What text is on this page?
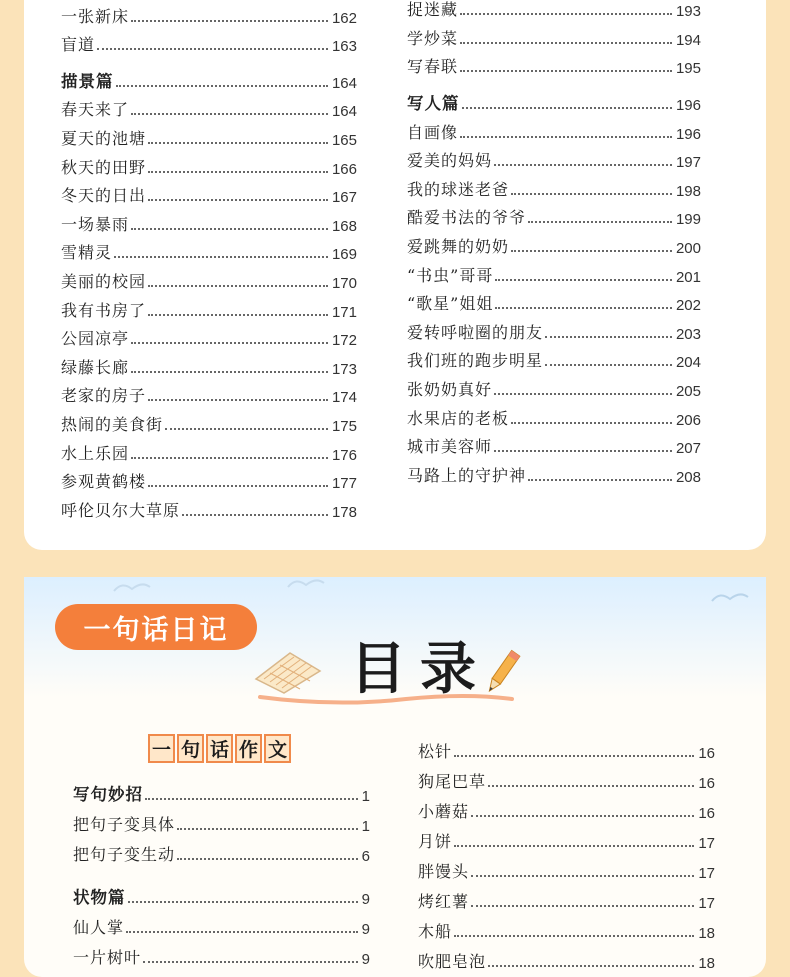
一张新床	162
盲道	163
描景篇	164
春天来了	164
夏天的池塘	165
秋天的田野	166
冬天的日出	167
一场暴雨	168
雪精灵	169
美丽的校园	170
我有书房了	171
公园凉亭	172
绿藤长廊	173
老家的房子	174
热闹的美食街	175
水上乐园	176
参观黄鹤楼	177
呼伦贝尔大草原	178
捉迷藏	193
学炒菜	194
写春联	195
写人篇	196
自画像	196
爱美的妈妈	197
我的球迷老爸	198
酷爱书法的爷爷	199
爱跳舞的奶奶	200
“书虫”哥哥	201
“歌星”姐姐	202
爱转呼啦圈的朋友	203
我们班的跑步明星	204
张奶奶真好	205
水果店的老板	206
城市美容师	207
马路上的守护神	208
一句话日记
目录
一 句 话 作 文
写句妙招	1
把句子变具体	1
把句子变生动	6
状物篇	9
仙人掌	9
一片树叶	9
松针	16
狗尾巴草	16
小蘑菇	16
月饼	17
胖馒头	17
烤红薯	17
木船	18
吹肥皂泡	18
